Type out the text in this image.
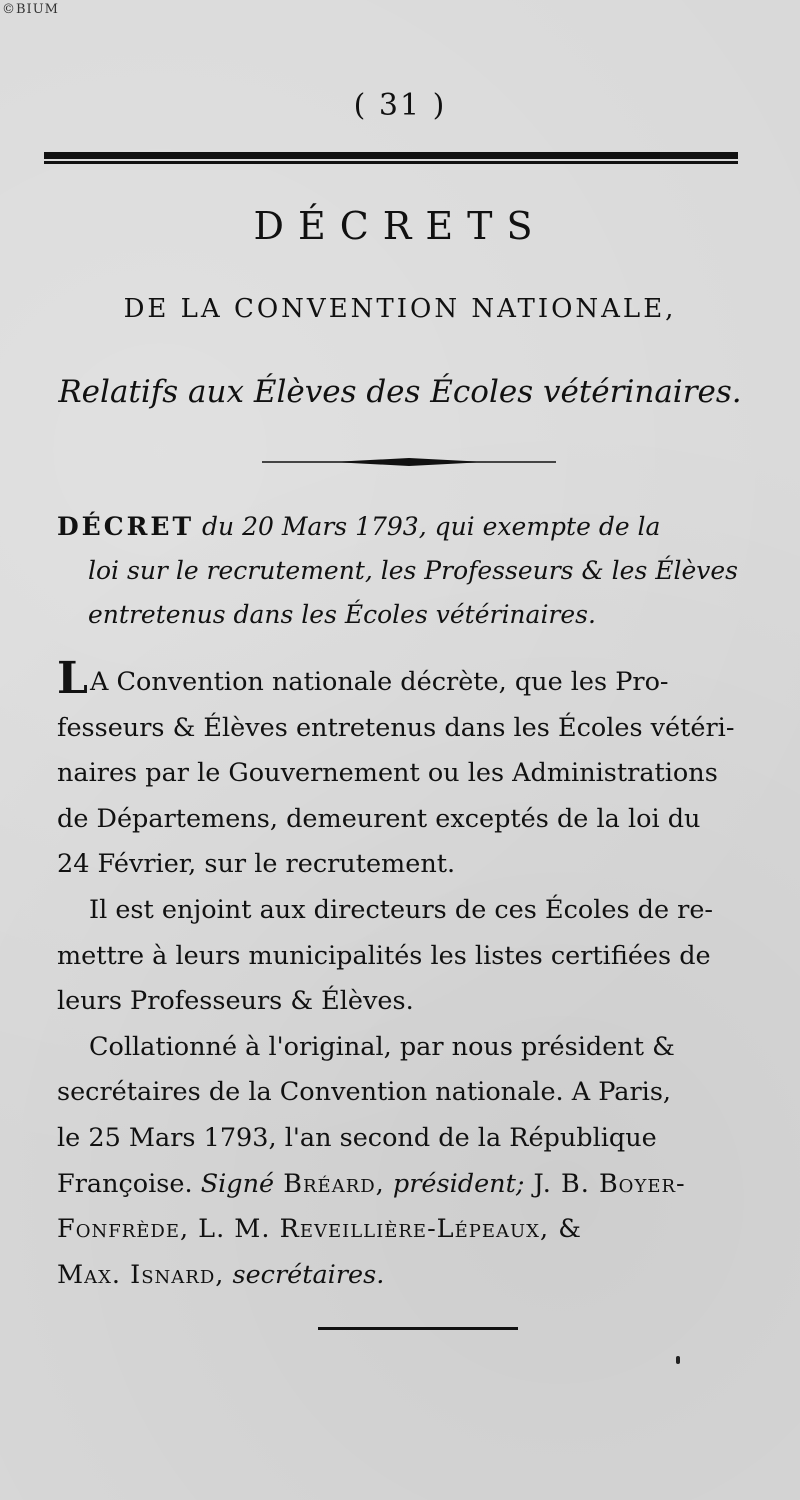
©BIUM
( 31 )
DÉCRETS
DE LA CONVENTION NATIONALE,
Relatifs aux Élèves des Écoles vétérinaires.
DÉCRET du 20 Mars 1793, qui exempte de la
loi sur le recrutement, les Professeurs & les Élèves
entretenus dans les Écoles vétérinaires.
LA Convention nationale décrète, que les Pro-
fesseurs & Élèves entretenus dans les Écoles vétéri-
naires par le Gouvernement ou les Administrations
de Départemens, demeurent exceptés de la loi du
24 Février, sur le recrutement.
Il est enjoint aux directeurs de ces Écoles de re-
mettre à leurs municipalités les listes certifiées de
leurs Professeurs & Élèves.
Collationné à l'original, par nous président &
secrétaires de la Convention nationale. A Paris,
le 25 Mars 1793, l'an second de la République
Françoise. Signé Bréard, président; J. B. Boyer-
Fonfrède, L. M. Reveillière-Lépeaux, &
Max. Isnard, secrétaires.
